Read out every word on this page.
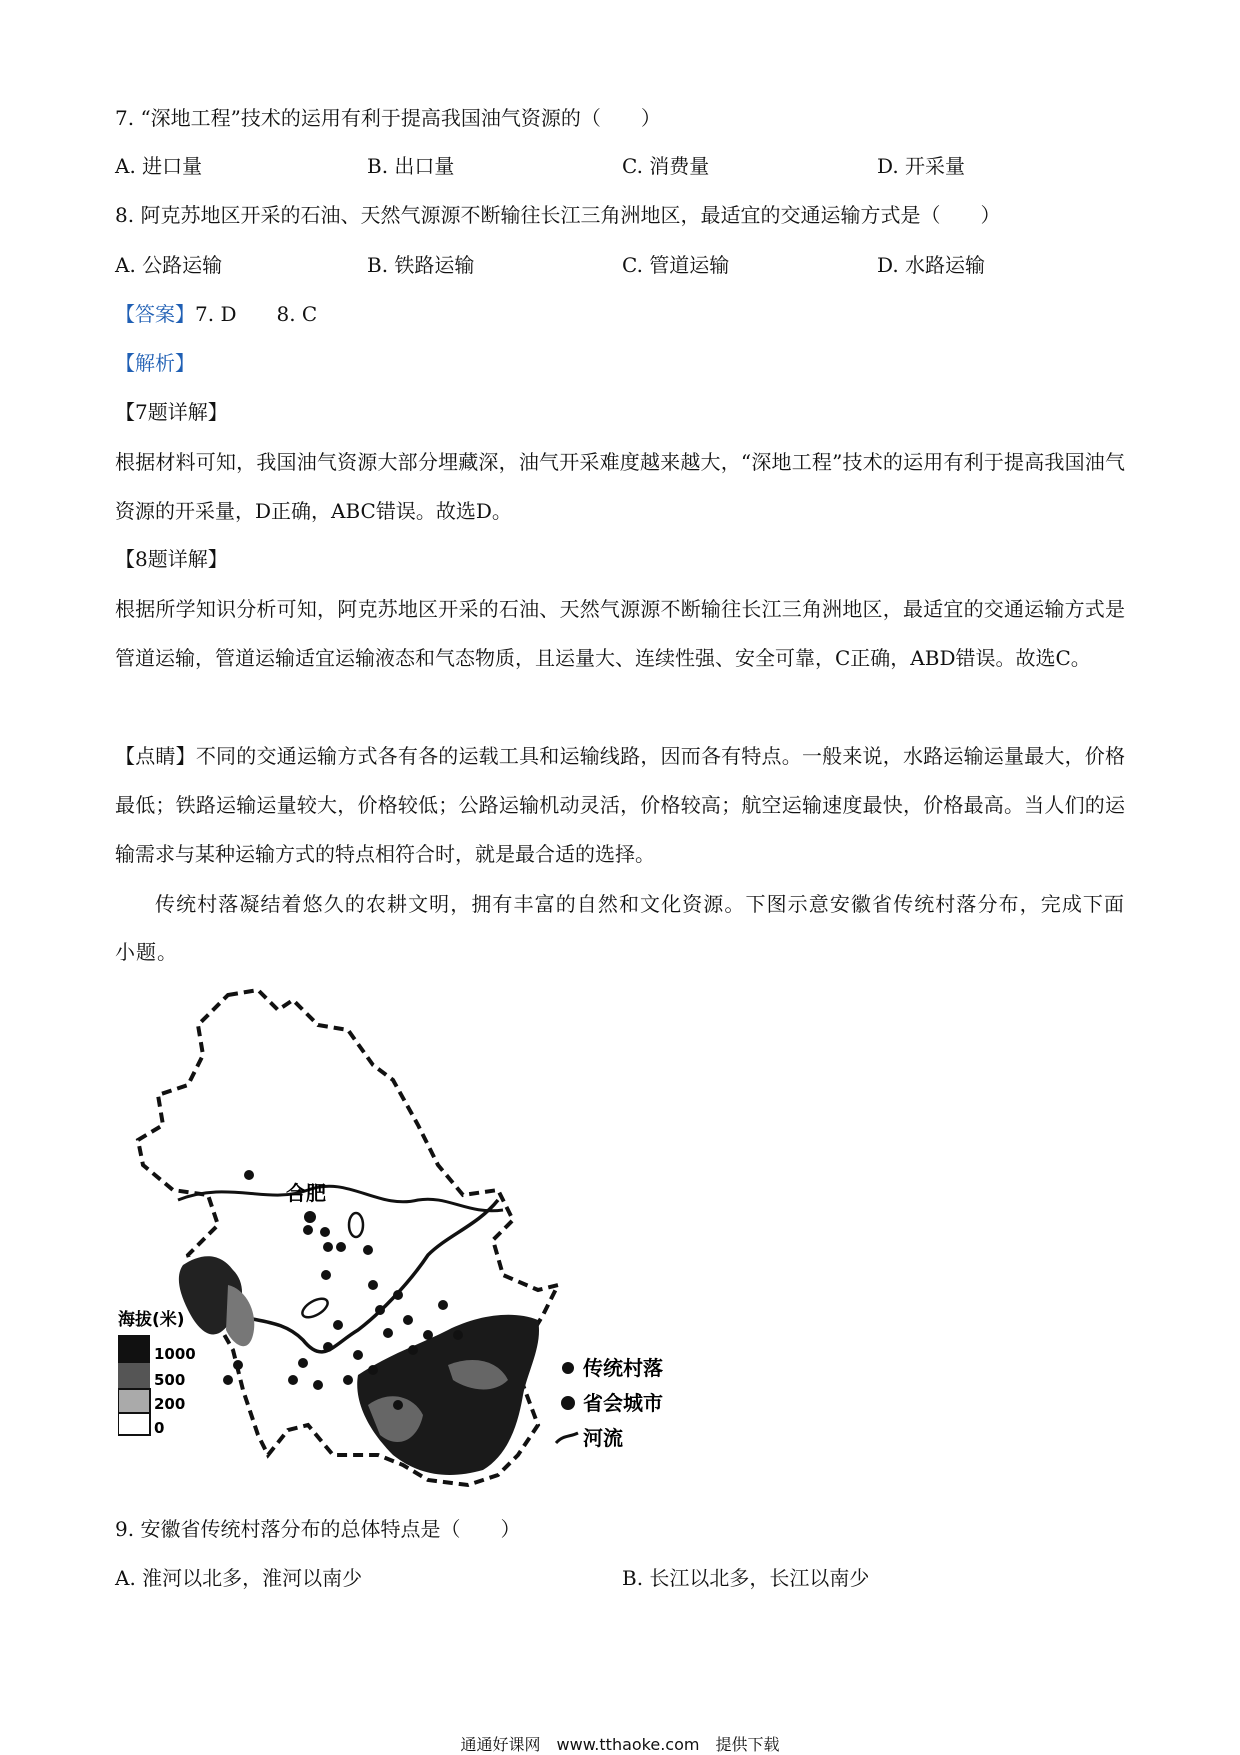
7. “深地工程”技术的运用有利于提高我国油气资源的（　　）
A. 进口量	B. 出口量	C. 消费量	D. 开采量
8. 阿克苏地区开采的石油、天然气源源不断输往长江三角洲地区，最适宜的交通运输方式是（　　）
A. 公路运输	B. 铁路运输	C. 管道运输	D. 水路运输
【答案】7. D　　8. C
【解析】
【7题详解】
根据材料可知，我国油气资源大部分埋藏深，油气开采难度越来越大，“深地工程”技术的运用有利于提高我国油气资源的开采量，D正确，ABC错误。故选D。
【8题详解】
根据所学知识分析可知，阿克苏地区开采的石油、天然气源源不断输往长江三角洲地区，最适宜的交通运输方式是管道运输，管道运输适宜运输液态和气态物质，且运量大、连续性强、安全可靠，C正确，ABD错误。故选C。
【点睛】不同的交通运输方式各有各的运载工具和运输线路，因而各有特点。一般来说，水路运输运量最大，价格最低；铁路运输运量较大，价格较低；公路运输机动灵活，价格较高；航空运输速度最快，价格最高。当人们的运输需求与某种运输方式的特点相符合时，就是最合适的选择。
传统村落凝结着悠久的农耕文明，拥有丰富的自然和文化资源。下图示意安徽省传统村落分布，完成下面小题。
合肥
海拔(米)
1000
500
200
0
传统村落
省会城市
河流
9. 安徽省传统村落分布的总体特点是（　　）
A. 淮河以北多，淮河以南少	B. 长江以北多，长江以南少
通通好课网　www.tthaoke.com　提供下载
